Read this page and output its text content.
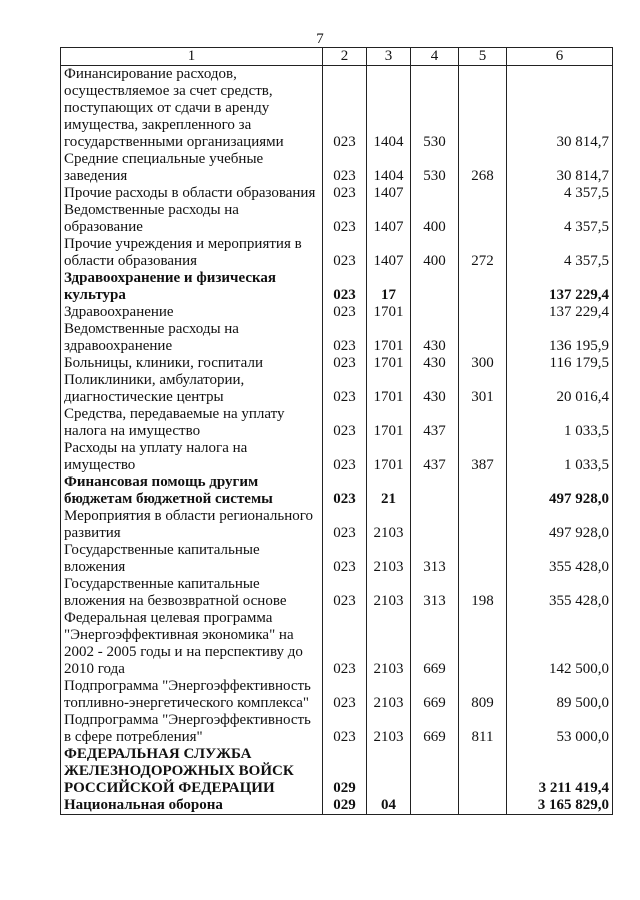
7
1	2	3	4	5	6
Финансирование расходов, осуществляемое за счет средств, поступающих от сдачи в аренду имущества, закрепленного за государственными организациями	023	1404	530		30 814,7
Средние специальные учебные заведения	023	1404	530	268	30 814,7
Прочие расходы в области образования	023	1407			4 357,5
Ведомственные расходы на образование	023	1407	400		4 357,5
Прочие учреждения и мероприятия в области образования	023	1407	400	272	4 357,5
Здравоохранение и физическая культура	023	17			137 229,4
Здравоохранение	023	1701			137 229,4
Ведомственные расходы на здравоохранение	023	1701	430		136 195,9
Больницы, клиники, госпитали	023	1701	430	300	116 179,5
Поликлиники, амбулатории, диагностические центры	023	1701	430	301	20 016,4
Средства, передаваемые на уплату налога на имущество	023	1701	437		1 033,5
Расходы на уплату налога на имущество	023	1701	437	387	1 033,5
Финансовая помощь другим бюджетам бюджетной системы	023	21			497 928,0
Мероприятия в области регионального развития	023	2103			497 928,0
Государственные капитальные вложения	023	2103	313		355 428,0
Государственные капитальные вложения на безвозвратной основе	023	2103	313	198	355 428,0
Федеральная целевая программа "Энергоэффективная экономика" на 2002 - 2005 годы и на перспективу до 2010 года	023	2103	669		142 500,0
Подпрограмма "Энергоэффективность топливно-энергетического комплекса"	023	2103	669	809	89 500,0
Подпрограмма "Энергоэффективность в сфере потребления"	023	2103	669	811	53 000,0
ФЕДЕРАЛЬНАЯ СЛУЖБА ЖЕЛЕЗНОДОРОЖНЫХ ВОЙСК РОССИЙСКОЙ ФЕДЕРАЦИИ	029				3 211 419,4
Национальная оборона	029	04			3 165 829,0
